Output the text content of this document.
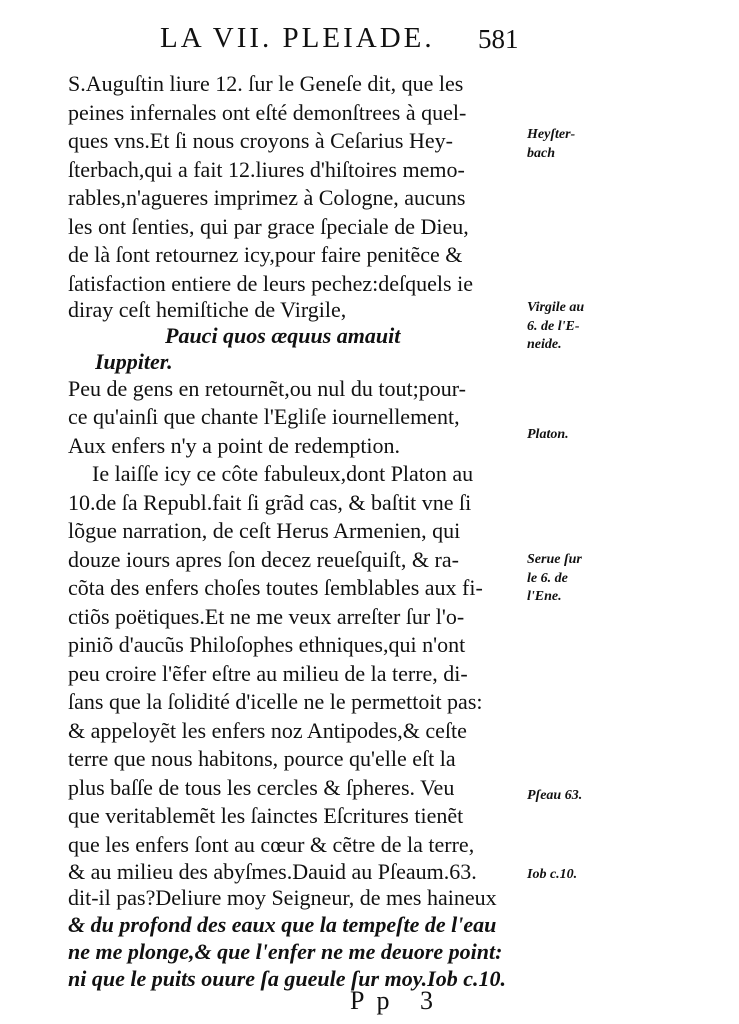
LA VII. PLEIADE.	581
S.Auguſtin liure 12. ſur le Geneſe dit, que les
peines infernales ont eſté demonſtrees à quel-
ques vns.Et ſi nous croyons à Ceſarius Hey-
ſterbach,qui a fait 12.liures d'hiſtoires memo-
rables,n'agueres imprimez à Cologne, aucuns
les ont ſenties, qui par grace ſpeciale de Dieu,
de là ſont retournez icy,pour faire penitẽce &
ſatisfaction entiere de leurs pechez:deſquels ie
diray ceſt hemiſtiche de Virgile,
Pauci quos æquus amauit
Iuppiter.
Peu de gens en retournẽt,ou nul du tout;pour-
ce qu'ainſi que chante l'Egliſe iournellement,
Aux enfers n'y a point de redemption.
Ie laiſſe icy ce côte fabuleux,dont Platon au
10.de ſa Republ.fait ſi grãd cas, & baſtit vne ſi
lõgue narration, de ceſt Herus Armenien, qui
douze iours apres ſon decez reueſquiſt, & ra-
cõta des enfers choſes toutes ſemblables aux fi-
ctiõs poëtiques.Et ne me veux arreſter ſur l'o-
piniõ d'aucũs Philoſophes ethniques,qui n'ont
peu croire l'ẽfer eſtre au milieu de la terre, di-
ſans que la ſolidité d'icelle ne le permettoit pas:
& appeloyẽt les enfers noz Antipodes,& ceſte
terre que nous habitons, pource qu'elle eſt la
plus baſſe de tous les cercles & ſpheres. Veu
que veritablemẽt les ſainctes Eſcritures tienẽt
que les enfers ſont au cœur & cẽtre de la terre,
& au milieu des abyſmes.Dauid au Pſeaum.63.
dit-il pas?Deliure moy Seigneur, de mes haineux
& du profond des eaux que la tempeſte de l'eau
Heyſter-
bach
Virgile au
6. de l'E-
neide.
Platon.
Serue ſur
le 6. de
l'Ene.
Pſeau 63.
Iob c.10.
Pp 3
ne me plonge,& que l'enfer ne me deuore point:
ni que le puits ouure ſa gueule ſur moy.Iob c.10.
